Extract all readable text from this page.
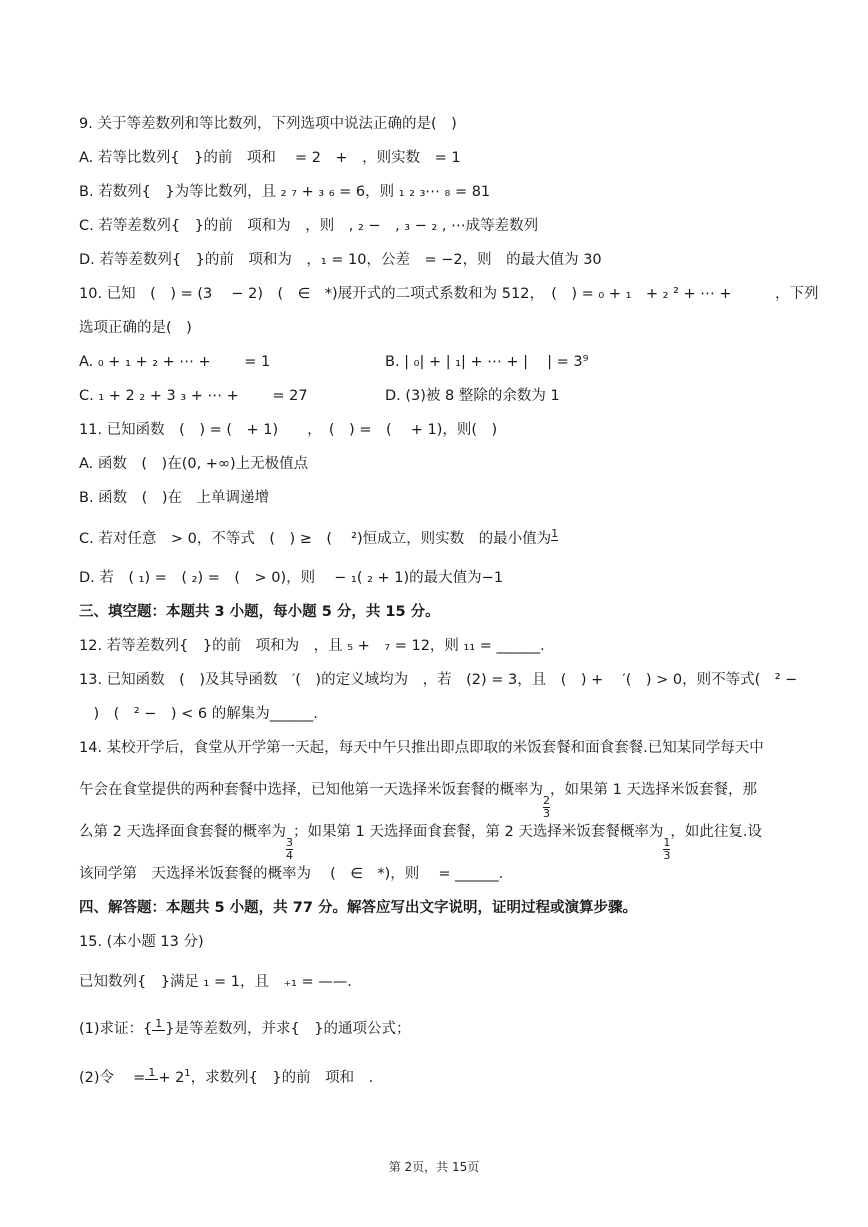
9. 关于等差数列和等比数列，下列选项中说法正确的是(　)
A. 若等比数列{　}的前　项和　 = 2　+　，则实数　= 1
B. 若数列{　}为等比数列，且 ₂ ₇ + ₃ ₆ = 6，则 ₁ ₂ ₃⋯ ₈ = 81
C. 若等差数列{　}的前　项和为　，则　, ₂ −　, ₃ − ₂ , ⋯成等差数列
D. 若等差数列{　}的前　项和为　，₁ = 10，公差　= −2，则　的最大值为 30
10. 已知　(　) = (3　 − 2)　(　∈　*)展开式的二项式系数和为 512，　(　) = ₀ + ₁　+ ₂ ² + ⋯ +　　　，下列
选项正确的是(　)
A. ₀ + ₁ + ₂ + ⋯ +　　 = 1	B. | ₀| + | ₁| + ⋯ + |　 | = 3⁹
C. ₁ + 2 ₂ + 3 ₃ + ⋯ +　　 = 27	D. (3)被 8 整除的余数为 1
11. 已知函数　(　) = (　+ 1)　　，　(　) =　(　 + 1)，则(　)
A. 函数　(　)在(0, +∞)上无极值点
B. 函数　(　)在　上单调递增
C. 若对任意　> 0，不等式　(　) ≥　(　 ²)恒成立，则实数　的最小值为1
D. 若　( ₁) =　( ₂) =　(　> 0)，则　 − ₁( ₂ + 1)的最大值为−1
三、填空题：本题共 3 小题，每小题 5 分，共 15 分。
12. 若等差数列{　}的前　项和为　，且 ₅ +　₇ = 12，则 ₁₁ = ______.
13. 已知函数　(　)及其导函数　′(　)的定义域均为　，若　(2) = 3，且　(　) +　 ′(　) > 0，则不等式(　² −
　)　(　² −　) < 6 的解集为______.
14. 某校开学后，食堂从开学第一天起，每天中午只推出即点即取的米饭套餐和面食套餐.已知某同学每天中
午会在食堂提供的两种套餐中选择，已知他第一天选择米饭套餐的概率为
$\frac{2}{3}$
，如果第 1 天选择米饭套餐，那
么第 2 天选择面食套餐的概率为
$\frac{3}{4}$
；如果第 1 天选择面食套餐，第 2 天选择米饭套餐概率为
$\frac{1}{3}$
，如此往复.设
该同学第　天选择米饭套餐的概率为　 (　∈　*)，则　 = ______.
四、解答题：本题共 5 小题，共 77 分。解答应写出文字说明，证明过程或演算步骤。
15. (本小题 13 分)
已知数列{　}满足 ₁ = 1，且　₊₁ = ——.
(1)求证：{ 1 }是等差数列，并求{　}的通项公式；
(2)令　 = $1 + 2^1$，求数列{　}的前　项和　.
第 2页，共 15页
